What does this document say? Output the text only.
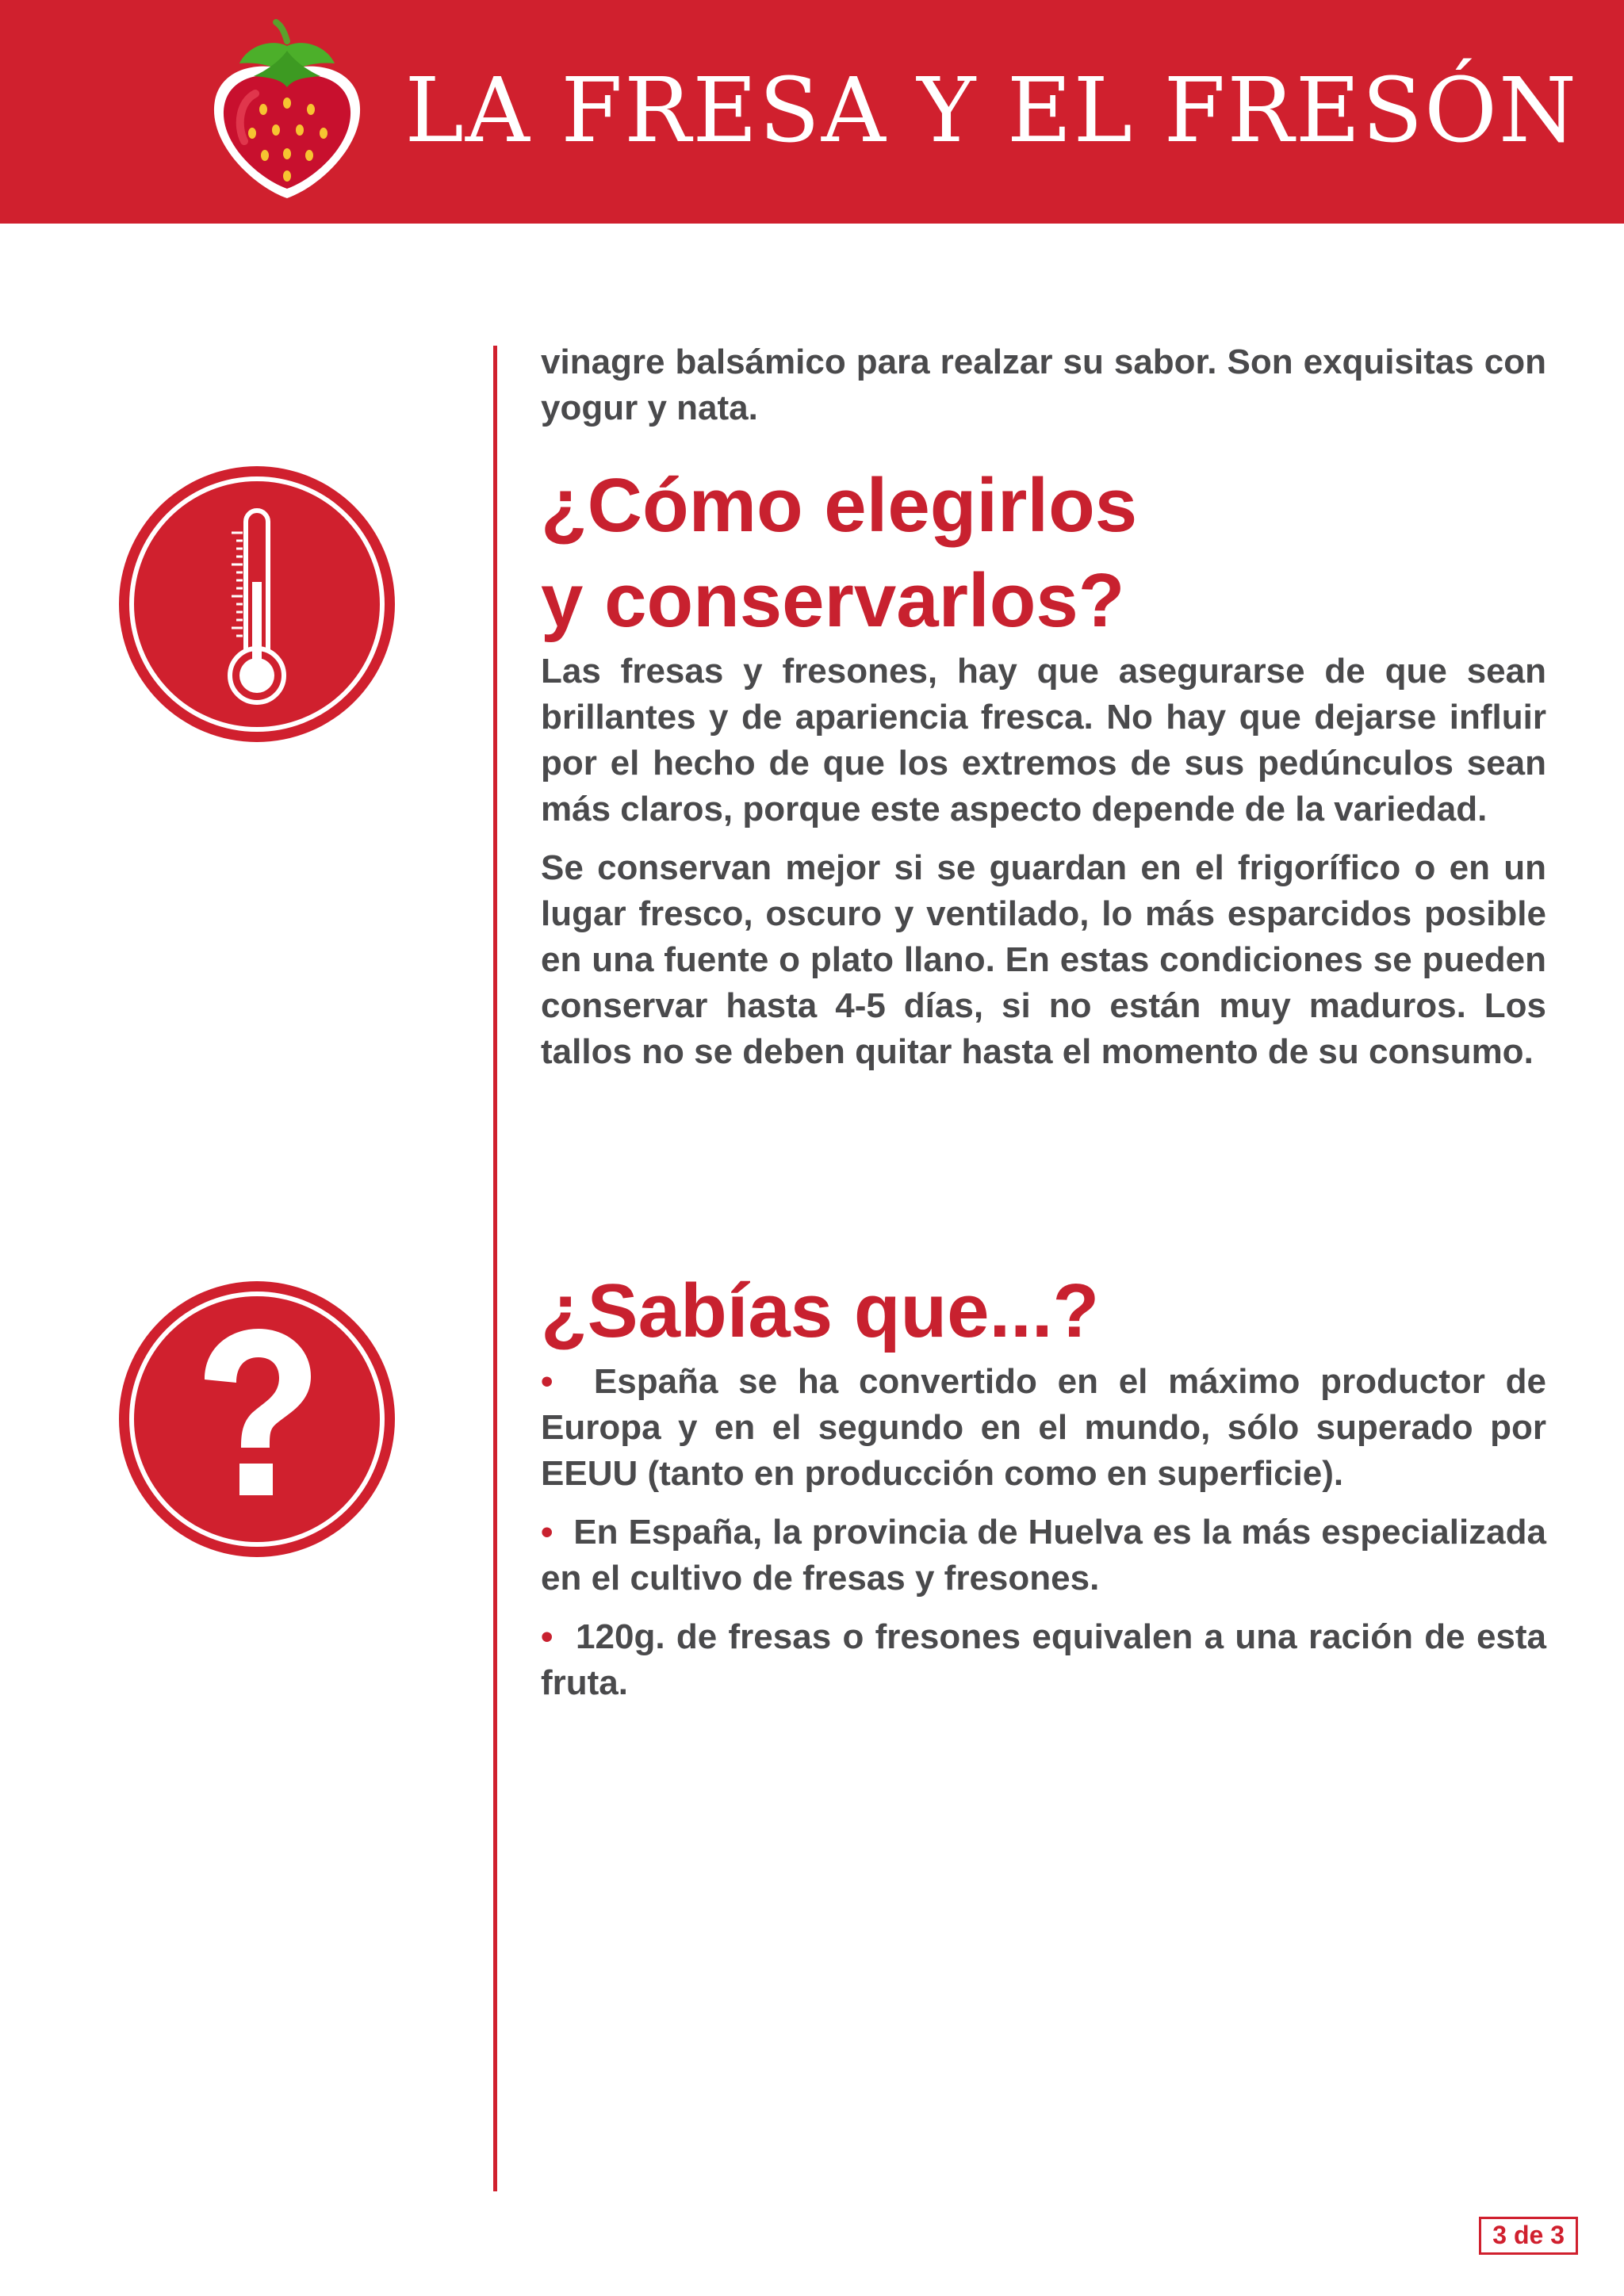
LA FRESA Y EL FRESÓN

vinagre balsámico para realzar su sabor. Son exquisitas con yogur y nata.

¿Cómo elegirlos
y conservarlos?

Las fresas y fresones, hay que asegurarse de que sean brillantes y de apariencia fresca. No hay que dejarse influir por el hecho de que los extremos de sus pedúnculos sean más claros, porque este aspecto depende de la variedad.

Se conservan mejor si se guardan en el frigorífico o en un lugar fresco, oscuro y ventilado, lo más esparcidos posible en una fuente o plato llano. En estas condiciones se pueden conservar hasta 4-5 días, si no están muy maduros. Los tallos no se deben quitar hasta el momento de su consumo.

¿Sabías que...?

• España se ha convertido en el máximo productor de Europa y en el segundo en el mundo, sólo superado por EEUU (tanto en producción como en superficie).

• En España, la provincia de Huelva es la más especializada en el cultivo de fresas y fresones.

• 120g. de fresas o fresones equivalen a una ración de esta fruta.

3 de 3
